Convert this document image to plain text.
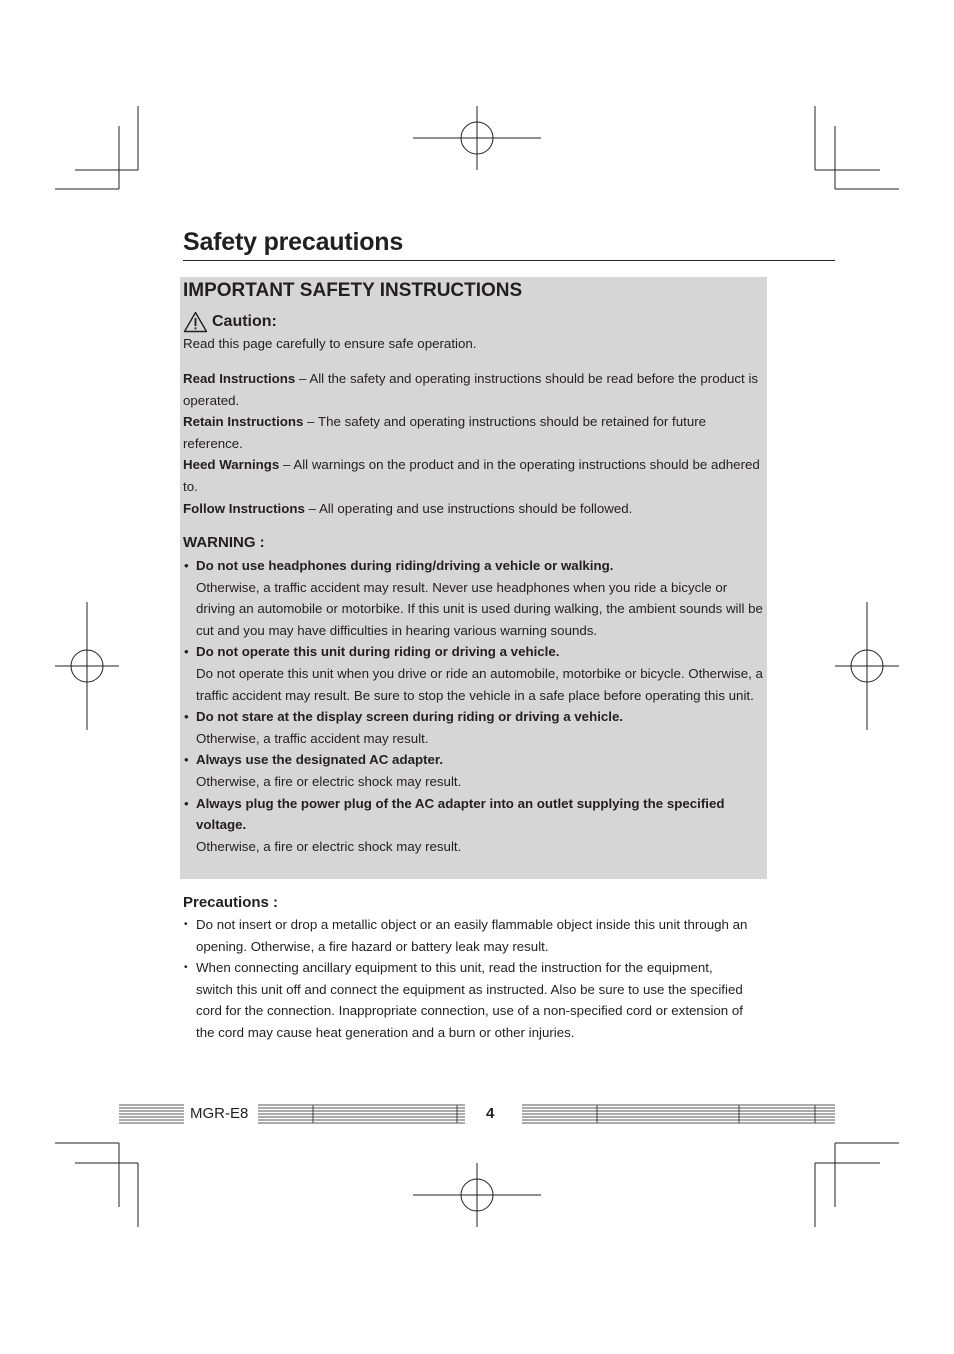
Safety precautions
IMPORTANT SAFETY INSTRUCTIONS
Caution:

Read this page carefully to ensure safe operation.

Read Instructions – All the safety and operating instructions should be read before the product is operated.

Retain Instructions – The safety and operating instructions should be retained for future reference.

Heed Warnings – All warnings on the product and in the operating instructions should be adhered to.

Follow Instructions – All operating and use instructions should be followed.

WARNING :
• Do not use headphones during riding/driving a vehicle or walking.
Otherwise, a traffic accident may result. Never use headphones when you ride a bicycle or driving an automobile or motorbike. If this unit is used during walking, the ambient sounds will be cut and you may have difficulties in hearing various warning sounds.
• Do not operate this unit during riding or driving a vehicle.
Do not operate this unit when you drive or ride an automobile, motorbike or bicycle. Otherwise, a traffic accident may result. Be sure to stop the vehicle in a safe place before operating this unit.
• Do not stare at the display screen during riding or driving a vehicle.
Otherwise, a traffic accident may result.
• Always use the designated AC adapter.
Otherwise, a fire or electric shock may result.
• Always plug the power plug of the AC adapter into an outlet supplying the specified voltage.
Otherwise, a fire or electric shock may result.
Precautions :
• Do not insert or drop a metallic object or an easily flammable object inside this unit through an opening. Otherwise, a fire hazard or battery leak may result.
• When connecting ancillary equipment to this unit, read the instruction for the equipment, switch this unit off and connect the equipment as instructed. Also be sure to use the specified cord for the connection. Inappropriate connection, use of a non-specified cord or extension of the cord may cause heat generation and a burn or other injuries.
MGR-E8	4
